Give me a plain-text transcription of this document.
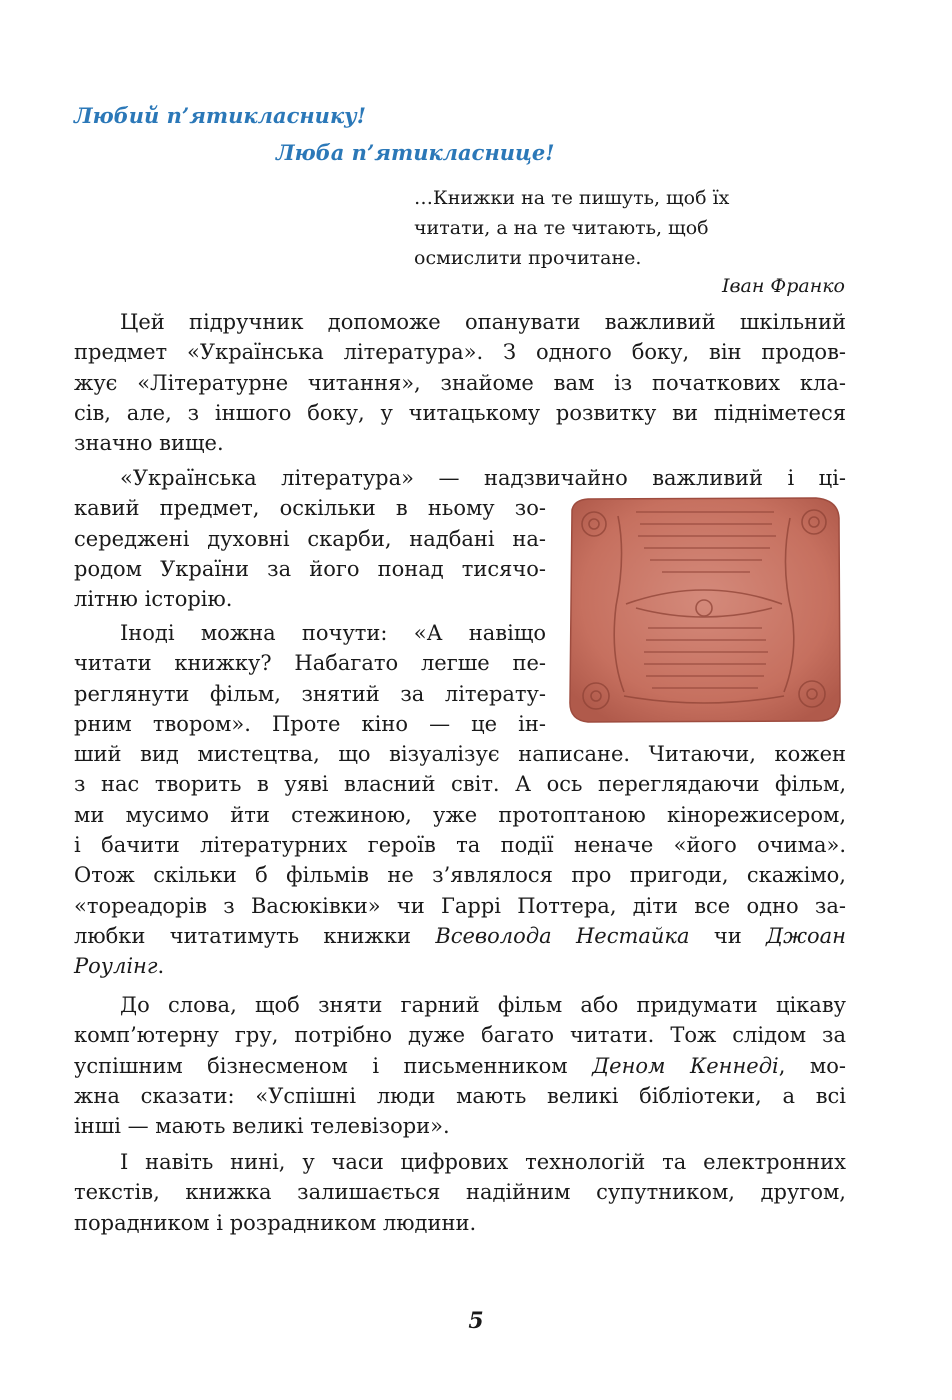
Любий п’ятикласнику!
Люба п’ятикласнице!
…Книжки на те пишуть, щоб їх
читати, а на те читають, щоб
осмислити прочитане.
Іван Франко
Цей підручник допоможе опанувати важливий шкільний
предмет «Українська література». З одного боку, він продов-
жує «Літературне читання», знайоме вам із початкових кла-
сів, але, з іншого боку, у читацькому розвитку ви підніметеся
значно вище.
«Українська література» — надзвичайно важливий і ці-
кавий предмет, оскільки в ньому зо-
середжені духовні скарби, надбані на-
родом України за його понад тисячо-
літню історію.
Іноді можна почути: «А навіщо
читати книжку? Набагато легше пе-
реглянути фільм, знятий за літерату-
рним твором». Проте кіно — це ін-
ший вид мистецтва, що візуалізує написане. Читаючи, кожен
з нас творить в уяві власний світ. А ось переглядаючи фільм,
ми мусимо йти стежиною, уже протоптаною кінорежисером,
і бачити літературних героїв та події неначе «його очима».
Отож скільки б фільмів не з’являлося про пригоди, скажімо,
«тореадорів з Васюківки» чи Гаррі Поттера, діти все одно за-
любки читатимуть книжки Всеволода Нестайка чи Джоан
Роулінг.
До слова, щоб зняти гарний фільм або придумати цікаву
комп’ютерну гру, потрібно дуже багато читати. Тож слідом за
успішним бізнесменом і письменником Деном Кеннеді, мо-
жна сказати: «Успішні люди мають великі бібліотеки, а всі
інші — мають великі телевізори».
І навіть нині, у часи цифрових технологій та електронних
текстів, книжка залишається надійним супутником, другом,
порадником і розрадником людини.
5
